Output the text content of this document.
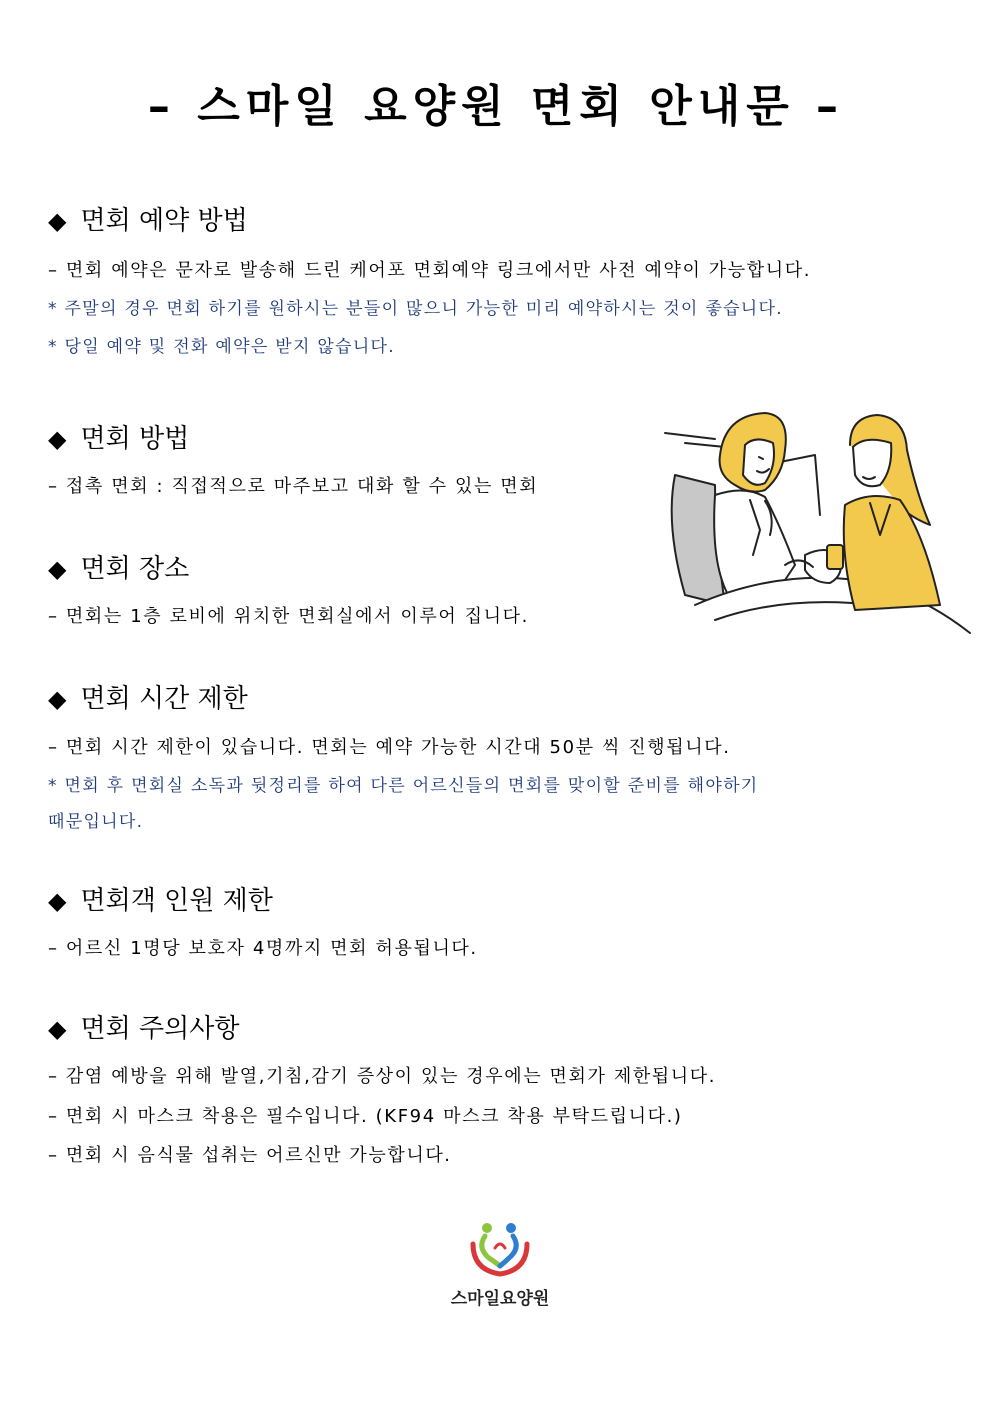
– 스마일 요양원 면회 안내문 –
◆ 면회 예약 방법
– 면회 예약은 문자로 발송해 드린 케어포 면회예약 링크에서만 사전 예약이 가능합니다.
* 주말의 경우 면회 하기를 원하시는 분들이 많으니 가능한 미리 예약하시는 것이 좋습니다.
* 당일 예약 및 전화 예약은 받지 않습니다.
◆ 면회 방법
– 접촉 면회 : 직접적으로 마주보고 대화 할 수 있는 면회
◆ 면회 장소
– 면회는 1층 로비에 위치한 면회실에서 이루어 집니다.
◆ 면회 시간 제한
– 면회 시간 제한이 있습니다. 면회는 예약 가능한 시간대 50분 씩 진행됩니다.
* 면회 후 면회실 소독과 뒷정리를 하여 다른 어르신들의 면회를 맞이할 준비를 해야하기
때문입니다.
◆ 면회객 인원 제한
– 어르신 1명당 보호자 4명까지 면회 허용됩니다.
◆ 면회 주의사항
– 감염 예방을 위해 발열,기침,감기 증상이 있는 경우에는 면회가 제한됩니다.
– 면회 시 마스크 착용은 필수입니다. (KF94 마스크 착용 부탁드립니다.)
– 면회 시 음식물 섭취는 어르신만 가능합니다.
스마일요양원
